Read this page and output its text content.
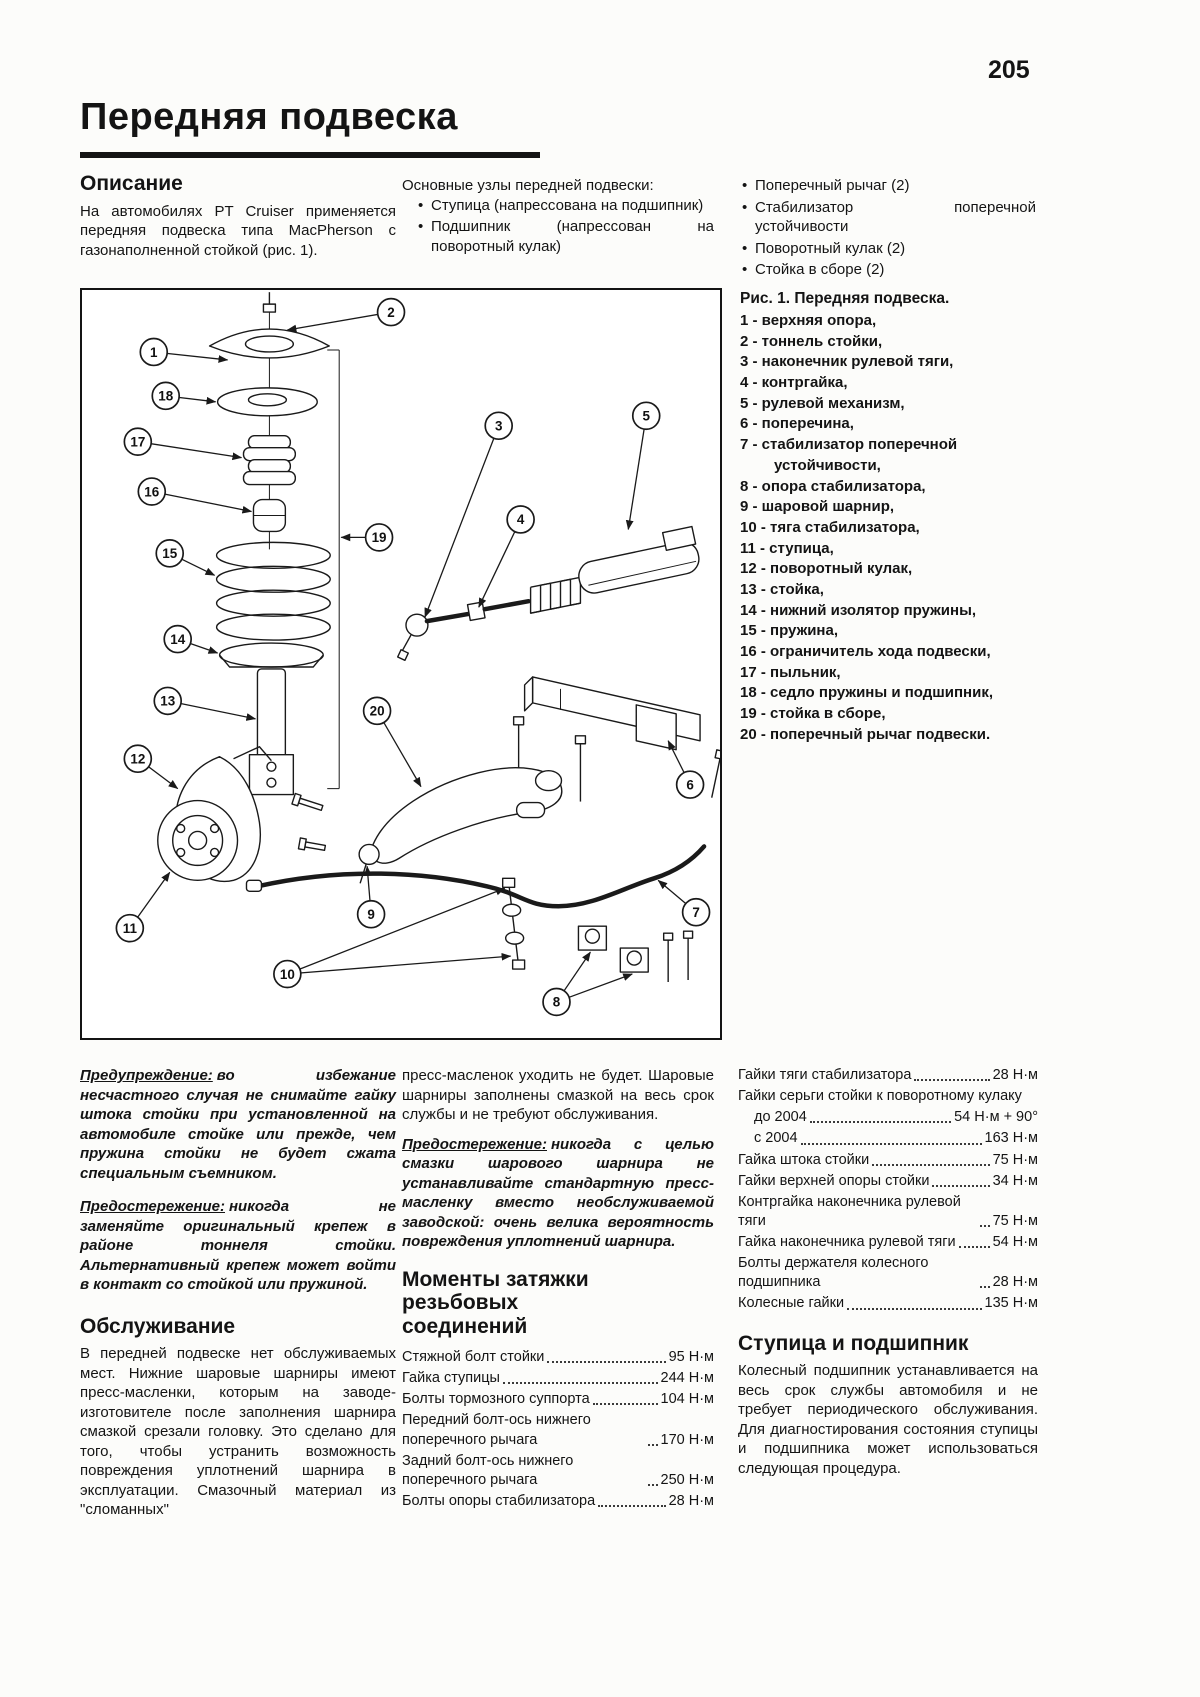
205
Передняя подвеска
Описание

На автомобилях PT Cruiser применяется передняя подвеска типа MacPherson с газонаполненной стойкой (рис. 1).

Основные узлы передней подвески:

• Ступица (напрессована на подшипник)
• Подшипник (напрессован на поворотный кулак)
• Поперечный рычаг (2)
• Стабилизатор поперечной устойчивости
• Поворотный кулак (2)
• Стойка в сборе (2)
1
2
18
17
16
15
19
14
13
12
11
3
4
5
20
6
9
10
8
7
Рис. 1. Передняя подвеска.
1 - верхняя опора,
2 - тоннель стойки,
3 - наконечник рулевой тяги,
4 - контргайка,
5 - рулевой механизм,
6 - поперечина,
7 - стабилизатор поперечной устойчивости,
8 - опора стабилизатора,
9 - шаровой шарнир,
10 - тяга стабилизатора,
11 - ступица,
12 - поворотный кулак,
13 - стойка,
14 - нижний изолятор пружины,
15 - пружина,
16 - ограничитель хода подвески,
17 - пыльник,
18 - седло пружины и подшипник,
19 - стойка в сборе,
20 - поперечный рычаг подвески.

Предупреждение: во избежание несчастного случая не снимайте гайку штока стойки при установленной на автомобиле стойке или прежде, чем пружина стойки не будет сжата специальным съемником.

Предостережение: никогда не заменяйте оригинальный крепеж в районе тоннеля стойки. Альтернативный крепеж может войти в контакт со стойкой или пружиной.

Обслуживание

В передней подвеске нет обслуживаемых мест. Нижние шаровые шарниры имеют пресс-масленки, которым на заводе-изготовителе после заполнения шарнира смазкой срезали головку. Это сделано для того, чтобы устранить возможность повреждения уплотнений шарнира в эксплуатации. Смазочный материал из "сломанных"

пресс-масленок уходить не будет. Шаровые шарниры заполнены смазкой на весь срок службы и не требуют обслуживания.

Предостережение: никогда с целью смазки шарового шарнира не устанавливайте стандартную пресс-масленку вместо необслуживаемой заводской: очень велика вероятность повреждения уплотнений шарнира.

Моменты затяжки резьбовых соединений
Стяжной болт стойки	95 Н·м
Гайка ступицы	244 Н·м
Болты тормозного суппорта	104 Н·м
Передний болт-ось нижнего поперечного рычага	170 Н·м
Задний болт-ось нижнего поперечного рычага	250 Н·м
Болты опоры стабилизатора	28 Н·м
Гайки тяги стабилизатора	28 Н·м
Гайки серьги стойки к поворотному кулаку
до 2004	54 Н·м + 90°
с 2004	163 Н·м
Гайка штока стойки	75 Н·м
Гайки верхней опоры стойки	34 Н·м
Контргайка наконечника рулевой тяги	75 Н·м
Гайка наконечника рулевой тяги	54 Н·м
Болты держателя колесного подшипника	28 Н·м
Колесные гайки	135 Н·м
Ступица и подшипник

Колесный подшипник устанавливается на весь срок службы автомобиля и не требует периодического обслуживания. Для диагностирования состояния ступицы и подшипника может использоваться следующая процедура.
